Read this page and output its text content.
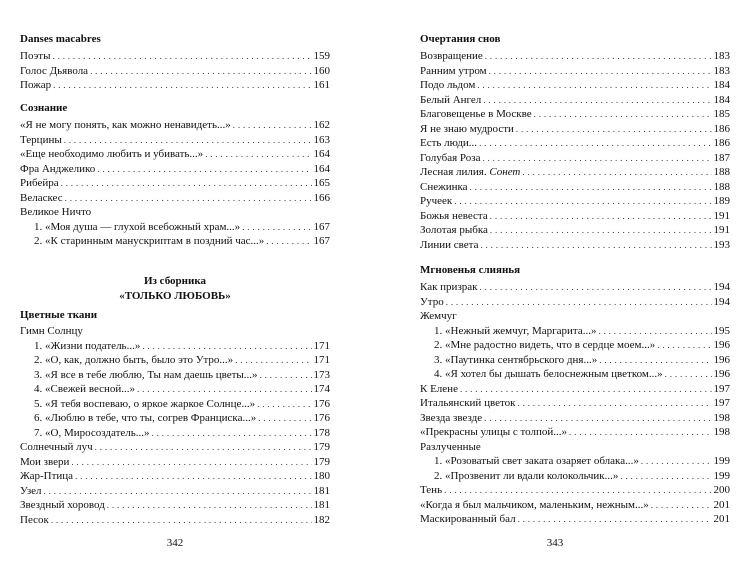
Danses macabres
Поэты . . .	159
Голос Дьявола . . .	160
Пожар . . .	161
Сознание
«Я не могу понять, как можно ненавидеть...» . . .	162
Терцины . . .	163
«Еще необходимо любить и убивать...» . . .	164
Фра Анджелико . . .	164
Рибейра . . .	165
Веласкес . . .	166
Великое Ничто
1. «Моя душа — глухой всебожный храм...» . . .	167
2. «К старинным манускриптам в поздний час...» . . .	167
Из сборника
«ТОЛЬКО ЛЮБОВЬ»
Цветные ткани
Гимн Солнцу
1. «Жизни податель...» . . .	171
2. «О, как, должно быть, было это Утро...» . . .	171
3. «Я все в тебе люблю, Ты нам даешь цветы...» . . .	173
4. «Свежей весной...» . . .	174
5. «Я тебя воспеваю, о яркое жаркое Солнце...» . . .	176
6. «Люблю в тебе, что ты, согрев Франциска...» . . .	176
7. «О, Миросоздатель...» . . .	178
Солнечный луч . . .	179
Мои звери . . .	179
Жар-Птица . . .	180
Узел . . .	181
Звездный хоровод . . .	181
Песок . . .	182
342
Очертания снов
Возвращение . . .	183
Ранним утром . . .	183
Подо льдом . . .	184
Белый Ангел . . .	184
Благовещенье в Москве . . .	185
Я не знаю мудрости . . .	186
Есть люди... . . .	186
Голубая Роза . . .	187
Лесная лилия. Сонет . . .	188
Снежинка . . .	188
Ручеек . . .	189
Божья невеста . . .	191
Золотая рыбка . . .	191
Линии света . . .	193
Мгновенья слиянья
Как призрак . . .	194
Утро . . .	194
Жемчуг
1. «Нежный жемчуг, Маргарита...» . . .	195
2. «Мне радостно видеть, что в сердце моем...» . . .	196
3. «Паутинка сентябрьского дня...» . . .	196
4. «Я хотел бы дышать белоснежным цветком...» . . .	196
К Елене . . .	197
Итальянский цветок . . .	197
Звезда звезде . . .	198
«Прекрасны улицы с толпой...» . . .	198
Разлученные
1. «Розоватый свет заката озаряет облака...» . . .	199
2. «Прозвенит ли вдали колокольчик...» . . .	199
Тень . . .	200
«Когда я был мальчиком, маленьким, нежным...» . . .	201
Маскированный бал . . .	201
343
